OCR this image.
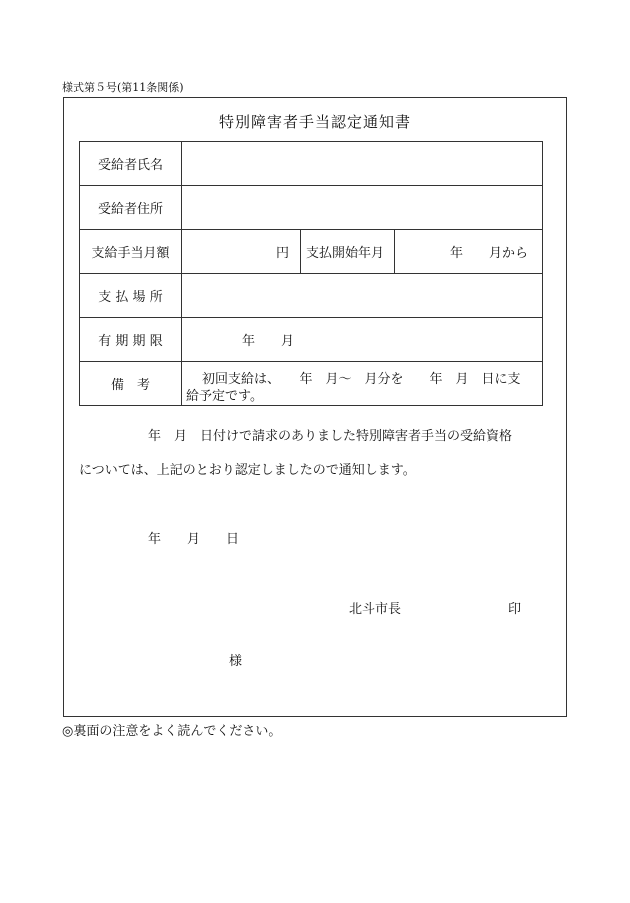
様式第５号(第11条関係)
特別障害者手当認定通知書
受給者氏名
受給者住所
支給手当月額
支 払 場 所
有 期 期 限
備　考
円 支払開始年月	年　　月から
年　　月
初回支給は、　　年　月〜　月分を　　年　月　日に支
給予定です。
年　月　日付けで請求のありました特別障害者手当の受給資格
については、上記のとおり認定しましたので通知します。
年　　月　　日
北斗市長	印
様
◎裏面の注意をよく読んでください。
